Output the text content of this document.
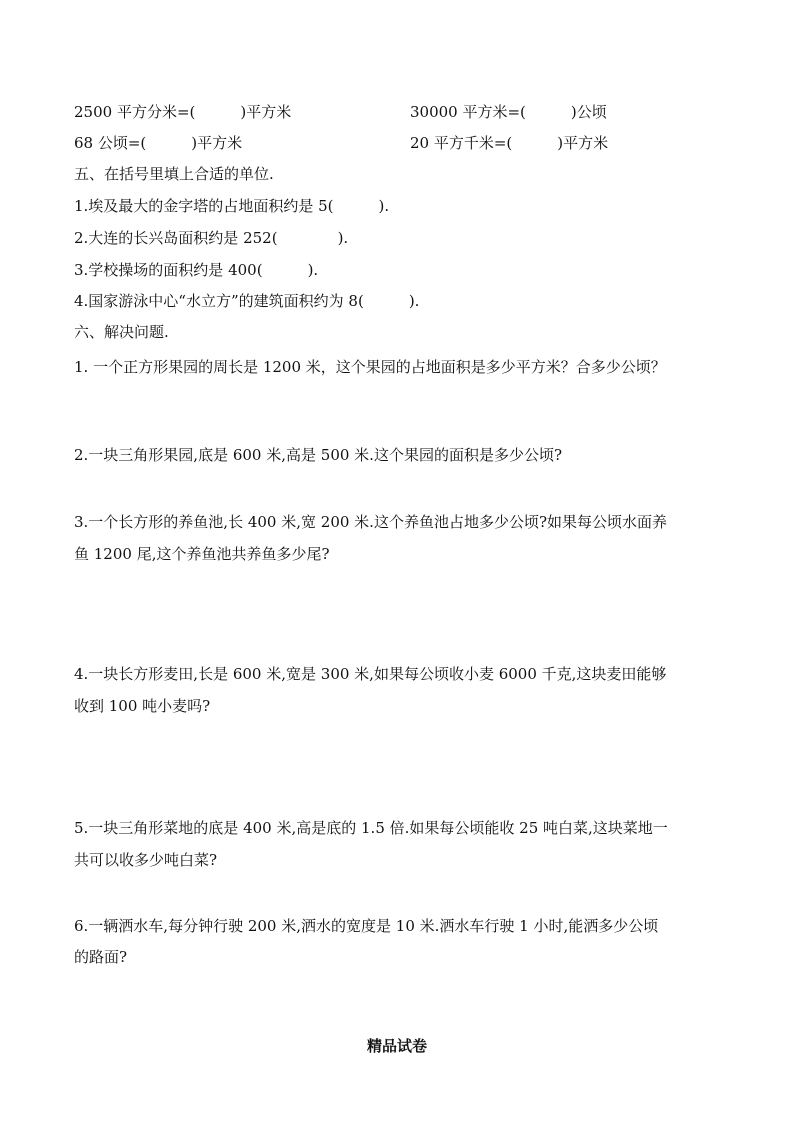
2500 平方分米=(　　　)平方米	30000 平方米=(　　　)公顷
68 公顷=(　　　)平方米	20 平方千米=(　　　)平方米
五、在括号里填上合适的单位.
1.埃及最大的金字塔的占地面积约是 5(　　　).
2.大连的长兴岛面积约是 252(　　　　).
3.学校操场的面积约是 400(　　　).
4.国家游泳中心“水立方”的建筑面积约为 8(　　　).
六、解决问题.
1. 一个正方形果园的周长是 1200 米，这个果园的占地面积是多少平方米？合多少公顷？
2.一块三角形果园,底是 600 米,高是 500 米.这个果园的面积是多少公顷?
3.一个长方形的养鱼池,长 400 米,宽 200 米.这个养鱼池占地多少公顷?如果每公顷水面养
鱼 1200 尾,这个养鱼池共养鱼多少尾?
4.一块长方形麦田,长是 600 米,宽是 300 米,如果每公顷收小麦 6000 千克,这块麦田能够
收到 100 吨小麦吗?
5.一块三角形菜地的底是 400 米,高是底的 1.5 倍.如果每公顷能收 25 吨白菜,这块菜地一
共可以收多少吨白菜?
6.一辆洒水车,每分钟行驶 200 米,洒水的宽度是 10 米.洒水车行驶 1 小时,能洒多少公顷
的路面?
精品试卷
